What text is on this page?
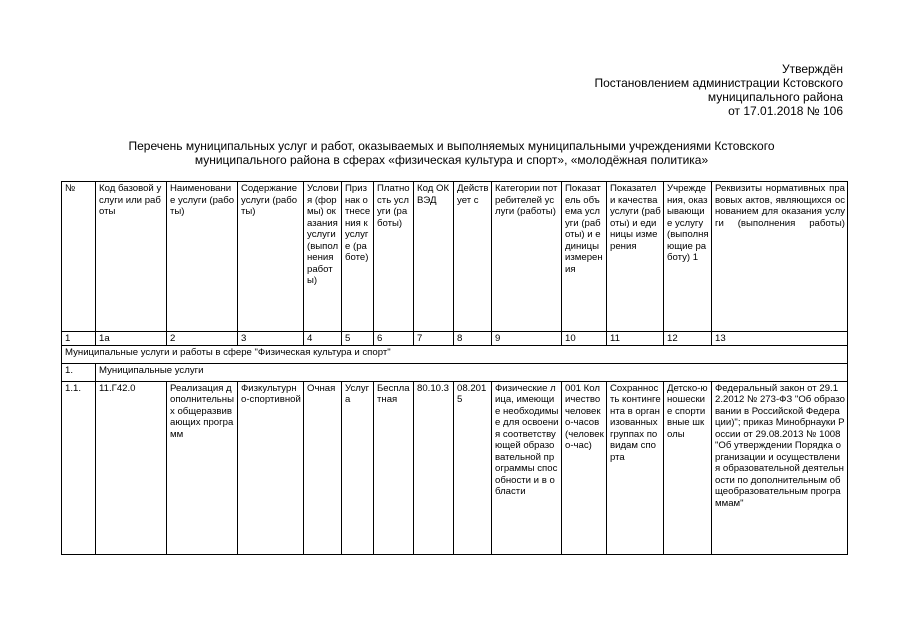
Утверждён
Постановлением администрации Кстовского
муниципального района
от 17.01.2018 № 106
Перечень муниципальных услуг и работ, оказываемых и выполняемых муниципальными учреждениями Кстовского
муниципального района в сферах «физическая культура и спорт», «молодёжная политика»
№	Код базовой услуги или работы	Наименование услуги (работы)	Содержание услуги (работы)	Условия (формы) оказания услуги (выполнения работы)	Признак отнесения к услуге (работе)	Платность услуги (работы)	Код ОКВЭД	Действует с	Категории потребителей услуги (работы)	Показатель объема услуги (работы) и единицы измерения	Показатели качества услуги (работы) и единицы измерения	Учреждения, оказывающие услугу (выполняющие работу) 1	Реквизиты нормативных правовых актов, являющихся основанием для оказания услуги (выполнения работы)
1	1а	2	3	4	5	6	7	8	9	10	11	12	13
Муниципальные услуги и работы в сфере "Физическая культура и спорт"													
1.	Муниципальные услуги												
1.1.	11.Г42.0	Реализация дополнительных общеразвивающих программ	Физкультурно-спортивной	Очная	Услуга	Бесплатная	80.10.3	08.2015	Физические лица, имеющие необходимые для освоения соответствующей образовательной программы способности и в области	001 Количество человеко-часов (человеко-час)	Сохранность контингента в организованных группах по видам спорта	Детско-юношеские спортивные школы	Федеральный закон от 29.12.2012 № 273-ФЗ "Об образовании в Российской Федерации)"; приказ Минобрнауки России от 29.08.2013 № 1008 "Об утверждении Порядка организации и осуществления образовательной деятельности по дополнительным общеобразовательным программам"
